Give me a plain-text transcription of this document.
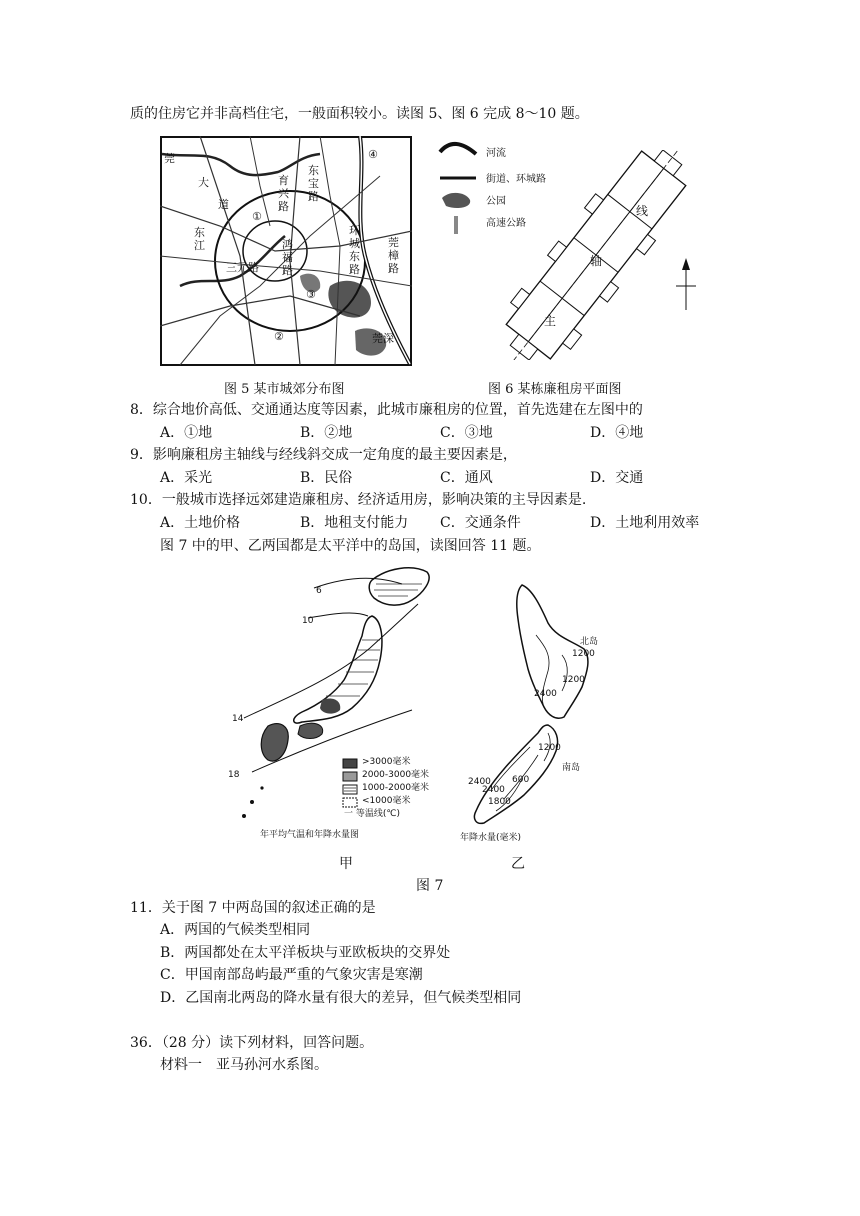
质的住房它并非高档住宅，一般面积较小。读图 5、图 6 完成 8～10 题。
莞
大
道
育兴路
东宝路
环城东路
莞樟路
东江
三元路
鸿福路
莞深
①
②
③
④	河流
街道、环城路
公园
高速公路
主
轴
线
图 5 某市城郊分布图	图 6 某栋廉租房平面图
8．综合地价高低、交通通达度等因素，此城市廉租房的位置，首先选建在左图中的
A．①地	B．②地	C．③地	D．④地
9．影响廉租房主轴线与经线斜交成一定角度的最主要因素是，
A．采光	B．民俗	C．通风	D．交通
10．一般城市选择远郊建造廉租房、经济适用房，影响决策的主导因素是.
A．土地价格	B．地租支付能力 C．交通条件	D．土地利用效率
图 7 中的甲、乙两国都是太平洋中的岛国，读图回答 11 题。
6
10
14
18
>3000毫米
2000-3000毫米
1000-2000毫米
<1000毫米
一 等温线(℃)
年平均气温和年降水量图
北岛
南岛
2400
1200
1200
2400
1200
600
2400
1800
年降水量(毫米)
甲	乙
图 7
11．关于图 7 中两岛国的叙述正确的是
A．两国的气候类型相同
B．两国都处在太平洋板块与亚欧板块的交界处
C．甲国南部岛屿最严重的气象灾害是寒潮
D．乙国南北两岛的降水量有很大的差异，但气候类型相同
36．（28 分）读下列材料，回答问题。
材料一　亚马孙河水系图。
